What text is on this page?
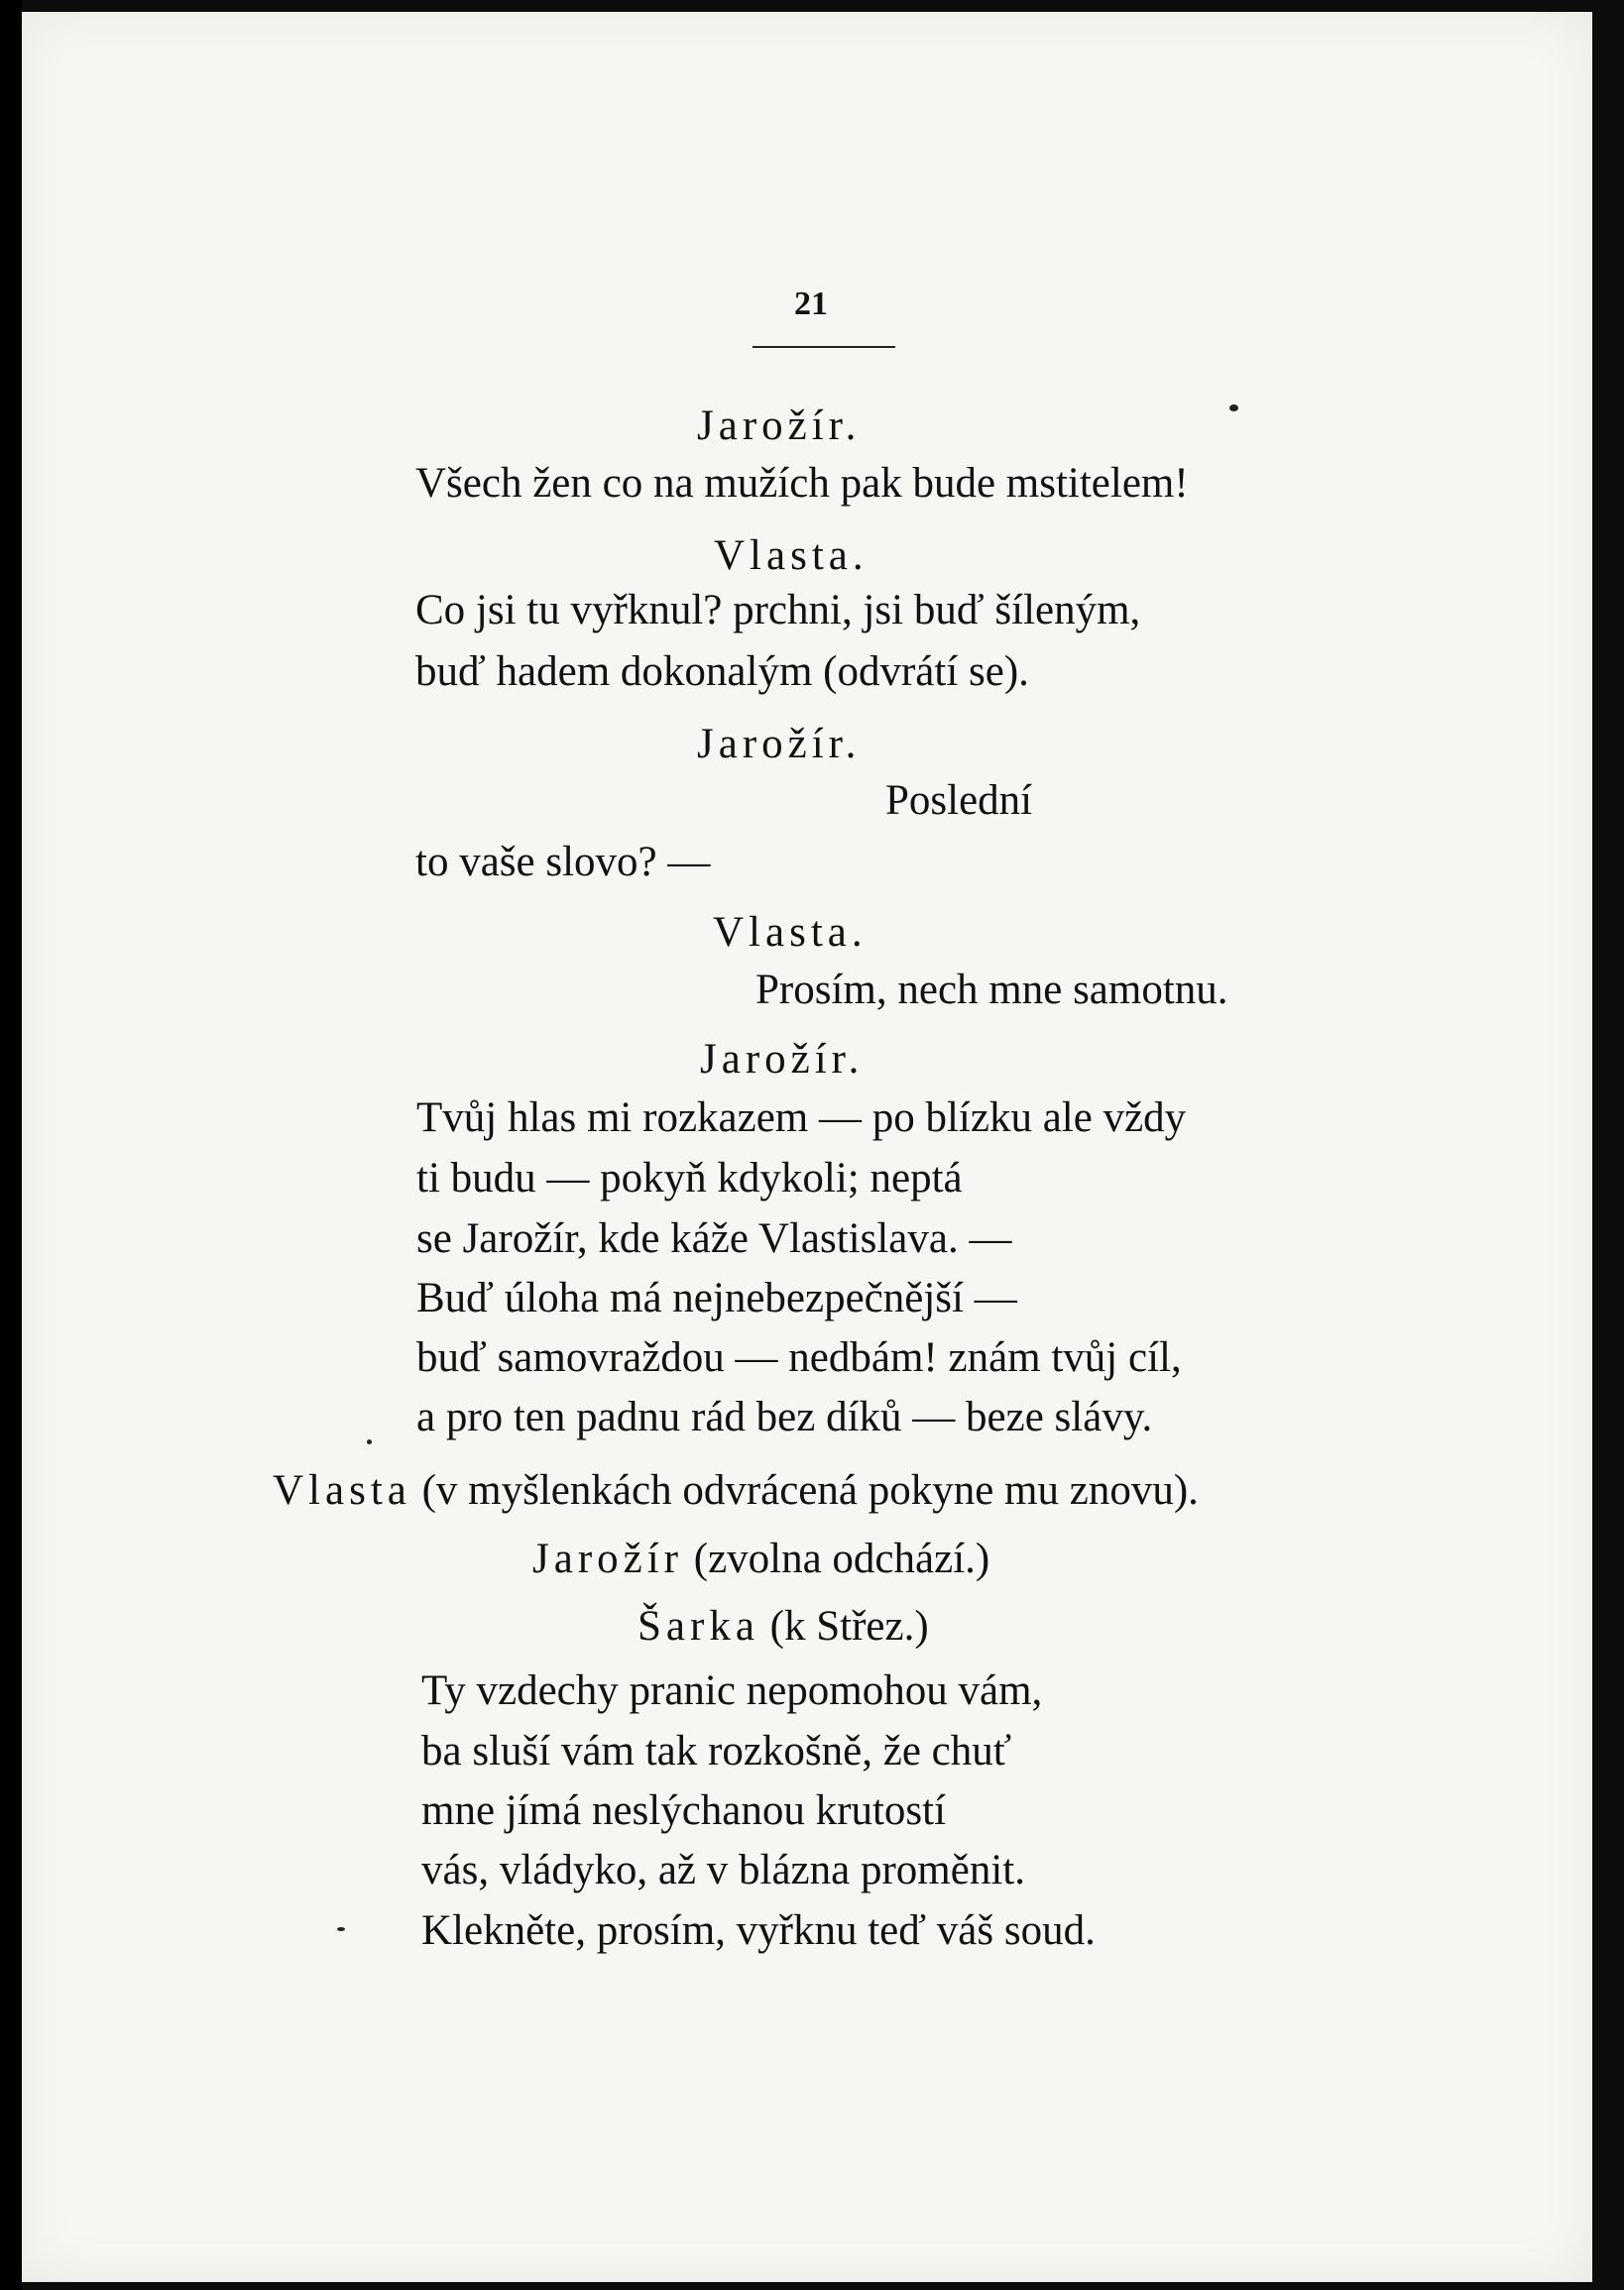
21
Jarožír.
Všech žen co na mužích pak bude mstitelem!
Vlasta.
Co jsi tu vyřknul? prchni, jsi buď šíleným,
buď hadem dokonalým (odvrátí se).
Jarožír.
Poslední
to vaše slovo? —
Vlasta.
Prosím, nech mne samotnu.
Jarožír.
Tvůj hlas mi rozkazem — po blízku ale vždy
ti budu — pokyň kdykoli; neptá
se Jarožír, kde káže Vlastislava. —
Buď úloha má nejnebezpečnější —
buď samovraždou — nedbám! znám tvůj cíl,
a pro ten padnu rád bez díků — beze slávy.
Vlasta (v myšlenkách odvrácená pokyne mu znovu).
Jarožír (zvolna odchází.)
Šarka (k Střez.)
Ty vzdechy pranic nepomohou vám,
ba sluší vám tak rozkošně, že chuť
mne jímá neslýchanou krutostí
vás, vládyko, až v blázna proměnit.
Klekněte, prosím, vyřknu teď váš soud.
